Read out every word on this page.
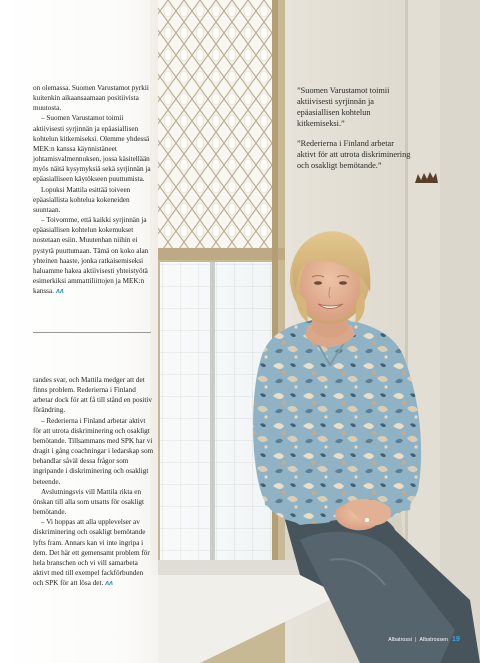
on olemassa. Suomen Varustamot pyrkii kuitenkin aikaansaamaan positiivista muutosta.

– Suomen Varustamot toimii aktiivisesti syrjinnän ja epäasiallisen kohtelun kitkemiseksi. Olemme yhdessä MEK:n kanssa käynnistäneet johtamisvalmennuksen, jossa käsitellään myös näitä kysymyksiä sekä syrjinnän ja epäasialliseen käytökseen puuttumista.

Lopuksi Mattila esittää toiveen epäasiallista kohtelua kokeneiden suuntaan.

– Toivomme, että kaikki syrjinnän ja epäasiallisen kohtelun kokemukset nostetaan esiin. Muutenhan niihin ei pystytä puuttumaan. Tämä on koko alan yhteinen haaste, jonka ratkaisemiseksi haluamme hakea aktiivisesti yhteistyötä esimerkiksi ammattiliittojen ja MEK:n kanssa. ᴧᴧ

randes svar, och Mattila medger att det finns problem. Rederierna i Finland arbetar dock för att få till stånd en positiv förändring.

– Rederierna i Finland arbetar aktivt för att utrota diskriminering och osakligt bemötande. Tillsammans med SPK har vi dragit i gång coachningar i ledarskap som behandlar såväl dessa frågor som ingripande i diskriminering och osakligt beteende.

Avslutningsvis vill Mattila rikta en önskan till alla som utsatts för osakligt bemötande.

– Vi hoppas att alla upplevelser av diskriminering och osakligt bemötande lyfts fram. Annars kan vi inte ingripa i dem. Det här ett gemensamt problem för hela branschen och vi vill samarbeta aktivt med till exempel fackförbunden och SPK för att lösa det. ᴧᴧ

”Suomen Varustamot toimii aktiivisesti syrjinnän ja epäasiallisen kohtelun kitkemiseksi.”
”Rederierna i Finland arbetar aktivt för att utrota diskriminering och osakligt bemötande.”
Albatrossi | Albatrossen 19
